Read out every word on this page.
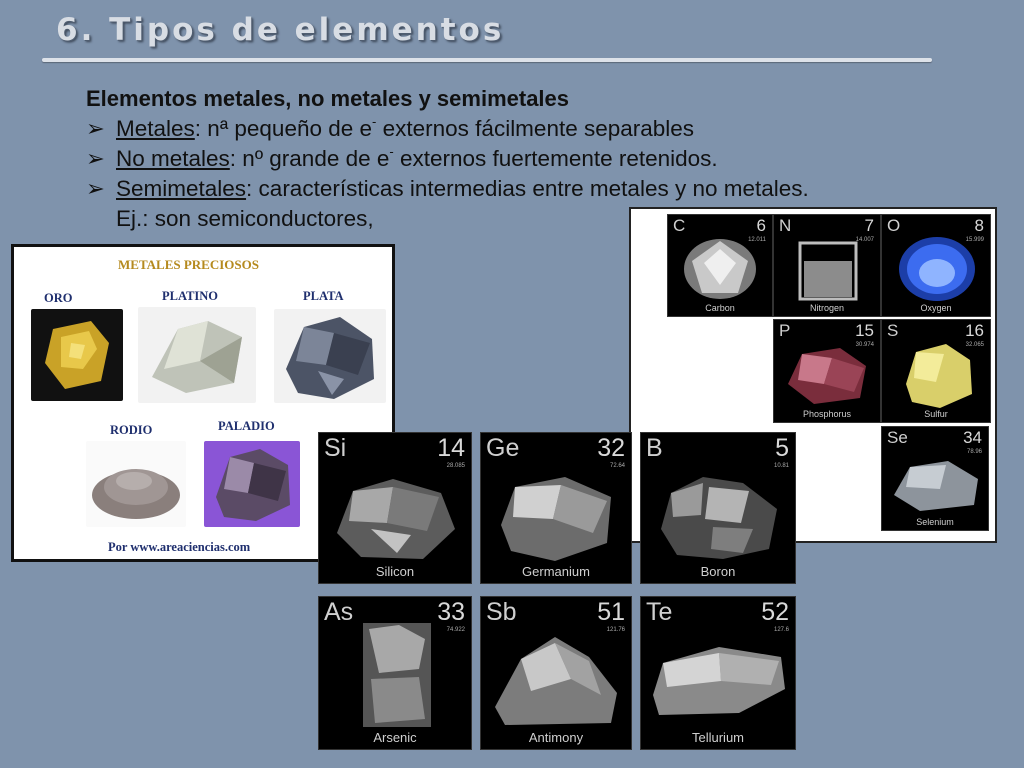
6. Tipos de elementos
Elementos metales, no metales y semimetales
➢ Metales: nª pequeño de e- externos fácilmente separables
➢ No metales: nº grande de e- externos fuertemente retenidos.
➢ Semimetales: características intermedias entre metales y no metales.
Ej.: son semiconductores,
METALES PRECIOSOS
ORO	PLATINO	PLATA
RODIO	PALADIO
Por www.areaciencias.com
C	6
12.011
Carbon
N	7
14.007
Nitrogen
O	8
15.999
Oxygen
P	15
30.974
Phosphorus
S	16
32.065
Sulfur
Se	34
78.96
Selenium
Si	14
28.085
Silicon
Ge	32
72.64
Germanium
B	5
10.81
Boron
As	33
74.922
Arsenic
Sb	51
121.76
Antimony
Te	52
127.6
Tellurium
